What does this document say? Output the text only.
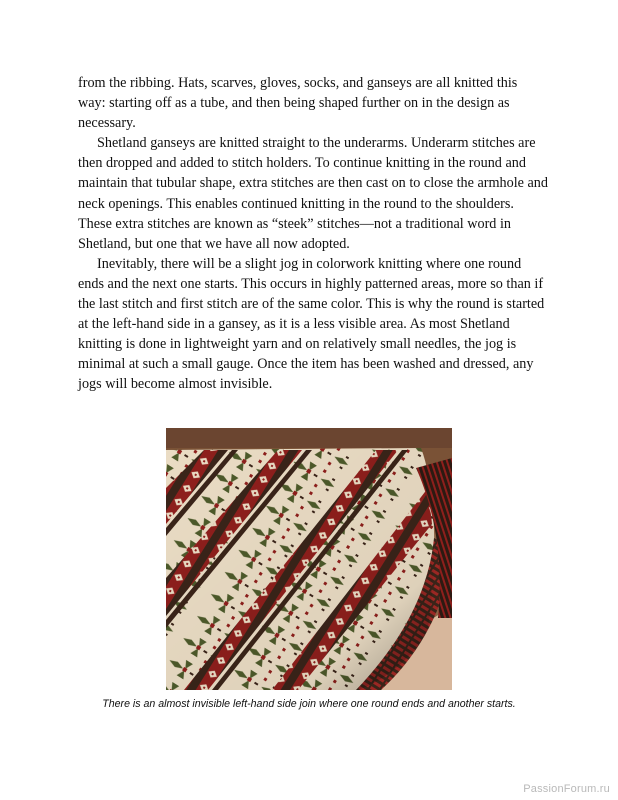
from the ribbing. Hats, scarves, gloves, socks, and ganseys are all knitted this way: starting off as a tube, and then being shaped further on in the design as necessary.

Shetland ganseys are knitted straight to the underarms. Underarm stitches are then dropped and added to stitch holders. To continue knitting in the round and maintain that tubular shape, extra stitches are then cast on to close the armhole and neck openings. This enables continued knitting in the round to the shoulders. These extra stitches are known as “steek” stitches—not a traditional word in Shetland, but one that we have all now adopted.

Inevitably, there will be a slight jog in colorwork knitting where one round ends and the next one starts. This occurs in highly patterned areas, more so than if the last stitch and first stitch are of the same color. This is why the round is started at the left-hand side in a gansey, as it is a less visible area. As most Shetland knitting is done in lightweight yarn and on relatively small needles, the jog is minimal at such a small gauge. Once the item has been washed and dressed, any jogs will become almost invisible.

There is an almost invisible left-hand side join where one round ends and another starts.
PassionForum.ru
